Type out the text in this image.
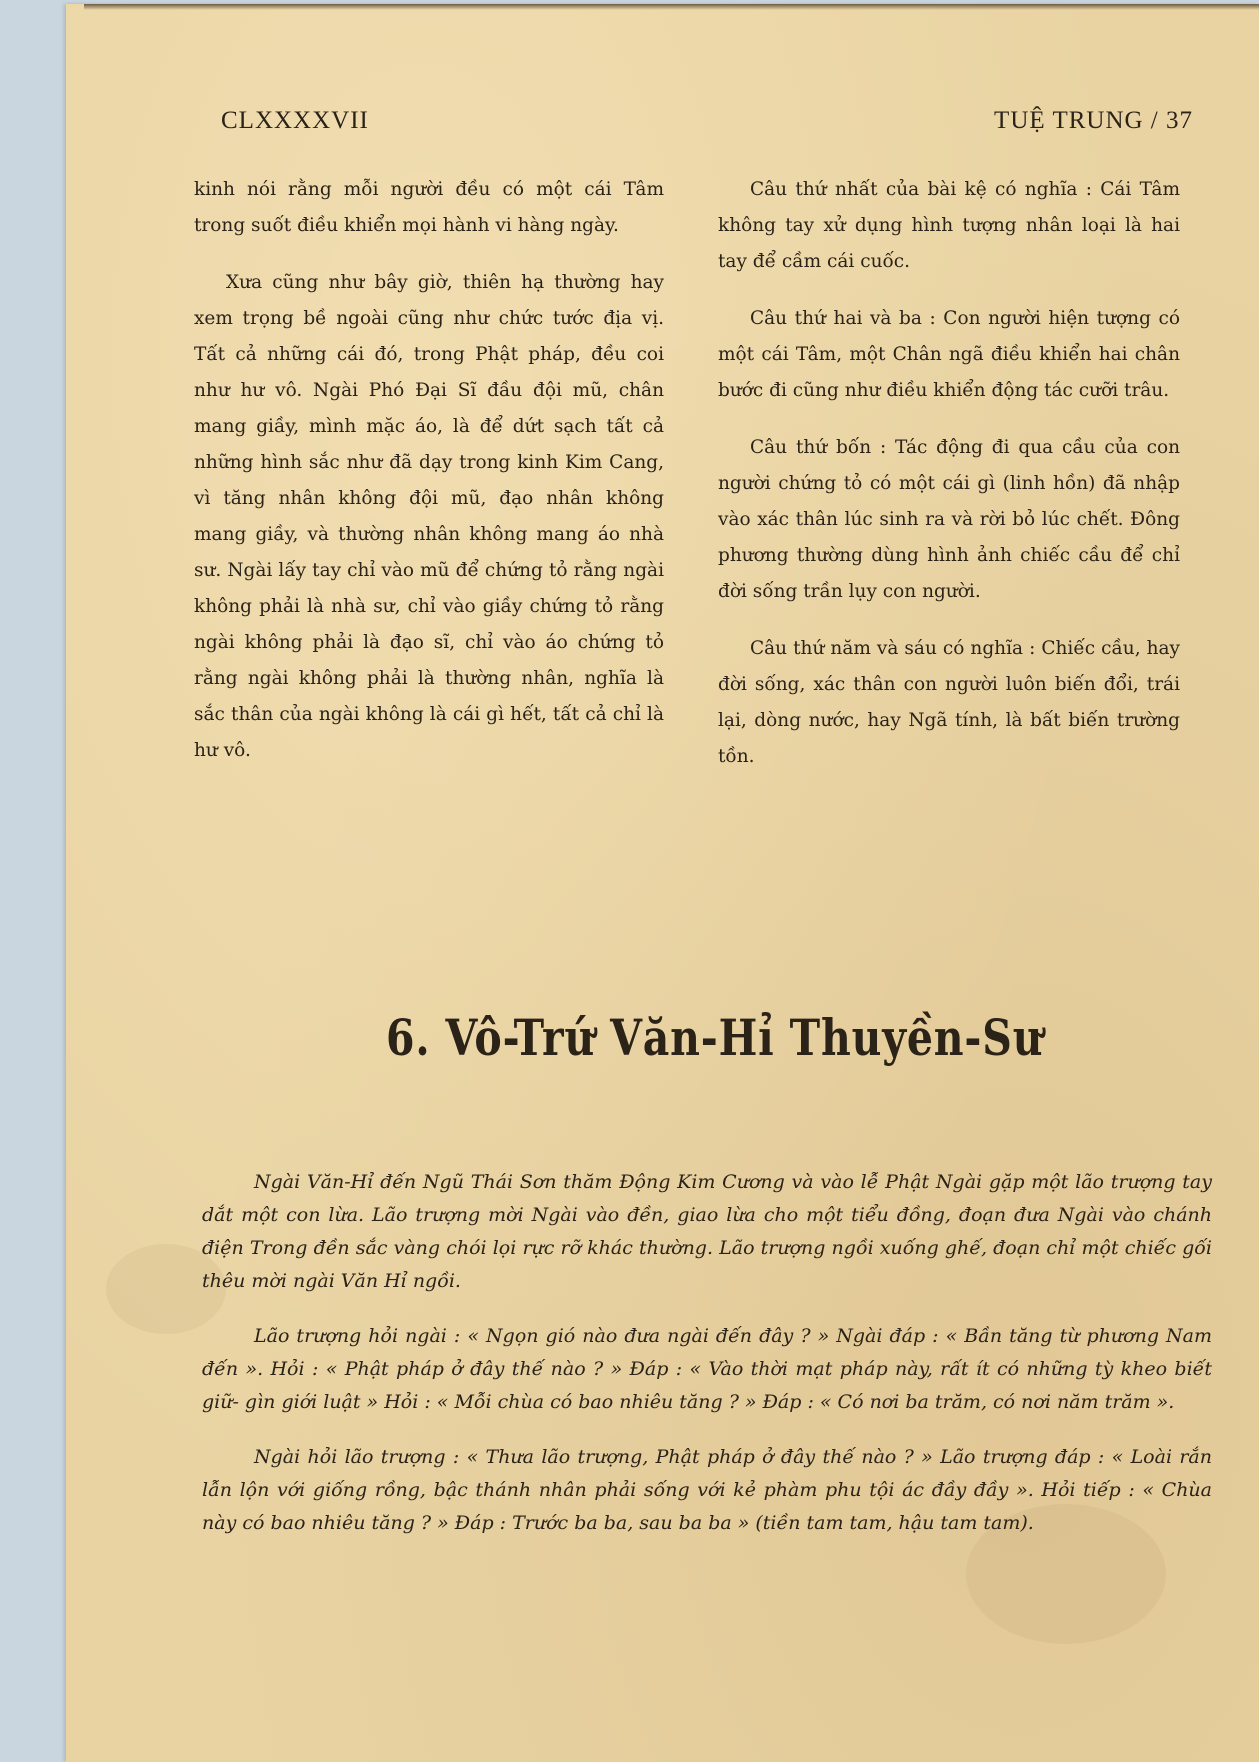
CLXXXXVII	TUỆ TRUNG / 37

kinh nói rằng mỗi người đều có một cái Tâm trong suốt điều khiển mọi hành vi hàng ngày.

Xưa cũng như bây giờ, thiên hạ thường hay xem trọng bề ngoài cũng như chức tước địa vị. Tất cả những cái đó, trong Phật pháp, đều coi như hư vô. Ngài Phó Đại Sĩ đầu đội mũ, chân mang giầy, mình mặc áo, là để dứt sạch tất cả những hình sắc như đã dạy trong kinh Kim Cang, vì tăng nhân không đội mũ, đạo nhân không mang giầy, và thường nhân không mang áo nhà sư. Ngài lấy tay chỉ vào mũ để chứng tỏ rằng ngài không phải là nhà sư, chỉ vào giầy chứng tỏ rằng ngài không phải là đạo sĩ, chỉ vào áo chứng tỏ rằng ngài không phải là thường nhân, nghĩa là sắc thân của ngài không là cái gì hết, tất cả chỉ là hư vô.

Câu thứ nhất của bài kệ có nghĩa : Cái Tâm không tay xử dụng hình tượng nhân loại là hai tay để cầm cái cuốc.

Câu thứ hai và ba : Con người hiện tượng có một cái Tâm, một Chân ngã điều khiển hai chân bước đi cũng như điều khiển động tác cưỡi trâu.

Câu thứ bốn : Tác động đi qua cầu của con người chứng tỏ có một cái gì (linh hồn) đã nhập vào xác thân lúc sinh ra và rời bỏ lúc chết. Đông phương thường dùng hình ảnh chiếc cầu để chỉ đời sống trần lụy con người.

Câu thứ năm và sáu có nghĩa : Chiếc cầu, hay đời sống, xác thân con người luôn biến đổi, trái lại, dòng nước, hay Ngã tính, là bất biến trường tồn.

6. Vô-Trứ Văn-Hỉ Thuyền-Sư

Ngài Văn-Hỉ đến Ngũ Thái Sơn thăm Động Kim Cương và vào lễ Phật Ngài gặp một lão trượng tay dắt một con lừa. Lão trượng mời Ngài vào đền, giao lừa cho một tiểu đồng, đoạn đưa Ngài vào chánh điện Trong đền sắc vàng chói lọi rực rỡ khác thường. Lão trượng ngồi xuống ghế, đoạn chỉ một chiếc gối thêu mời ngài Văn Hỉ ngồi.

Lão trượng hỏi ngài : « Ngọn gió nào đưa ngài đến đây ? » Ngài đáp : « Bần tăng từ phương Nam đến ». Hỏi : « Phật pháp ở đây thế nào ? » Đáp : « Vào thời mạt pháp này, rất ít có những tỳ kheo biết giữ- gìn giới luật » Hỏi : « Mỗi chùa có bao nhiêu tăng ? » Đáp : « Có nơi ba trăm, có nơi năm trăm ».

Ngài hỏi lão trượng : « Thưa lão trượng, Phật pháp ở đây thế nào ? » Lão trượng đáp : « Loài rắn lẫn lộn với giống rồng, bậc thánh nhân phải sống với kẻ phàm phu tội ác đầy đầy ». Hỏi tiếp : « Chùa này có bao nhiêu tăng ? » Đáp : Trước ba ba, sau ba ba » (tiền tam tam, hậu tam tam).
